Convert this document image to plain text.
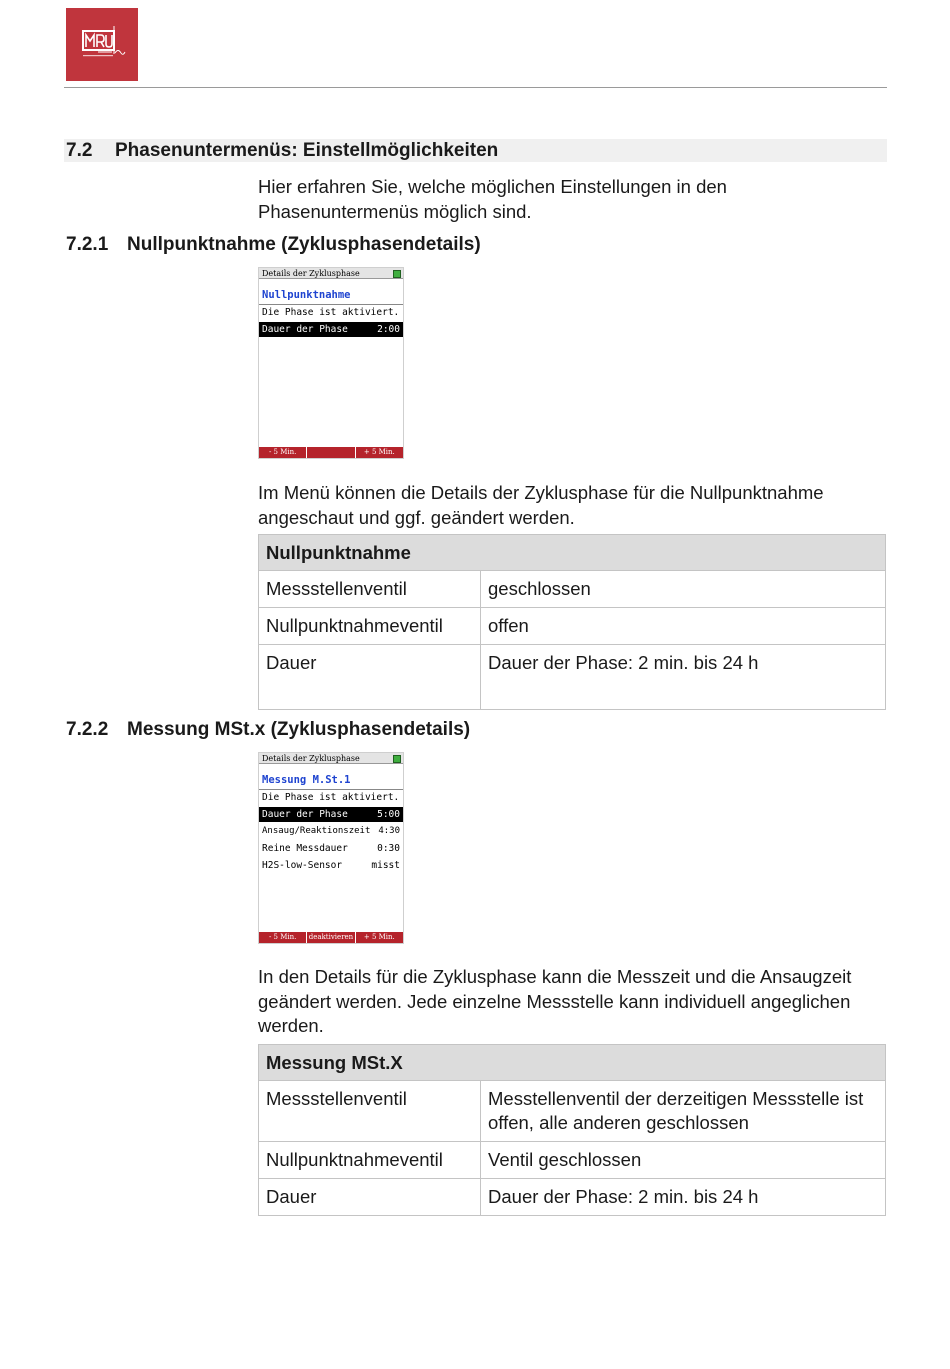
7.2 Phasenuntermenüs: Einstellmöglichkeiten
Hier erfahren Sie, welche möglichen Einstellungen in den
Phasenuntermenüs möglich sind.
7.2.1 Nullpunktnahme (Zyklusphasendetails)
Details der Zyklusphase
Nullpunktnahme
Die Phase ist aktiviert.
Dauer der Phase	2:00
- 5 Min.	+ 5 Min.
Im Menü können die Details der Zyklusphase für die Nullpunktnahme
angeschaut und ggf. geändert werden.
Nullpunktnahme	
Messstellenventil	geschlossen
Nullpunktnahmeventil	offen
Dauer	Dauer der Phase: 2 min. bis 24 h
7.2.2 Messung MSt.x (Zyklusphasendetails)
Details der Zyklusphase
Messung M.St.1
Die Phase ist aktiviert.
Dauer der Phase	5:00
Ansaug/Reaktionszeit 4:30
Reine Messdauer	0:30
H2S-low-Sensor	misst
- 5 Min.	deaktivieren	+ 5 Min.
In den Details für die Zyklusphase kann die Messzeit und die Ansaugzeit
geändert werden. Jede einzelne Messstelle kann individuell angeglichen
werden.
Messung MSt.X	
Messstellenventil	Messtellenventil der derzeitigen Messstelle ist
offen, alle anderen geschlossen

Nullpunktnahmeventil	Ventil geschlossen
Dauer	Dauer der Phase: 2 min. bis 24 h
